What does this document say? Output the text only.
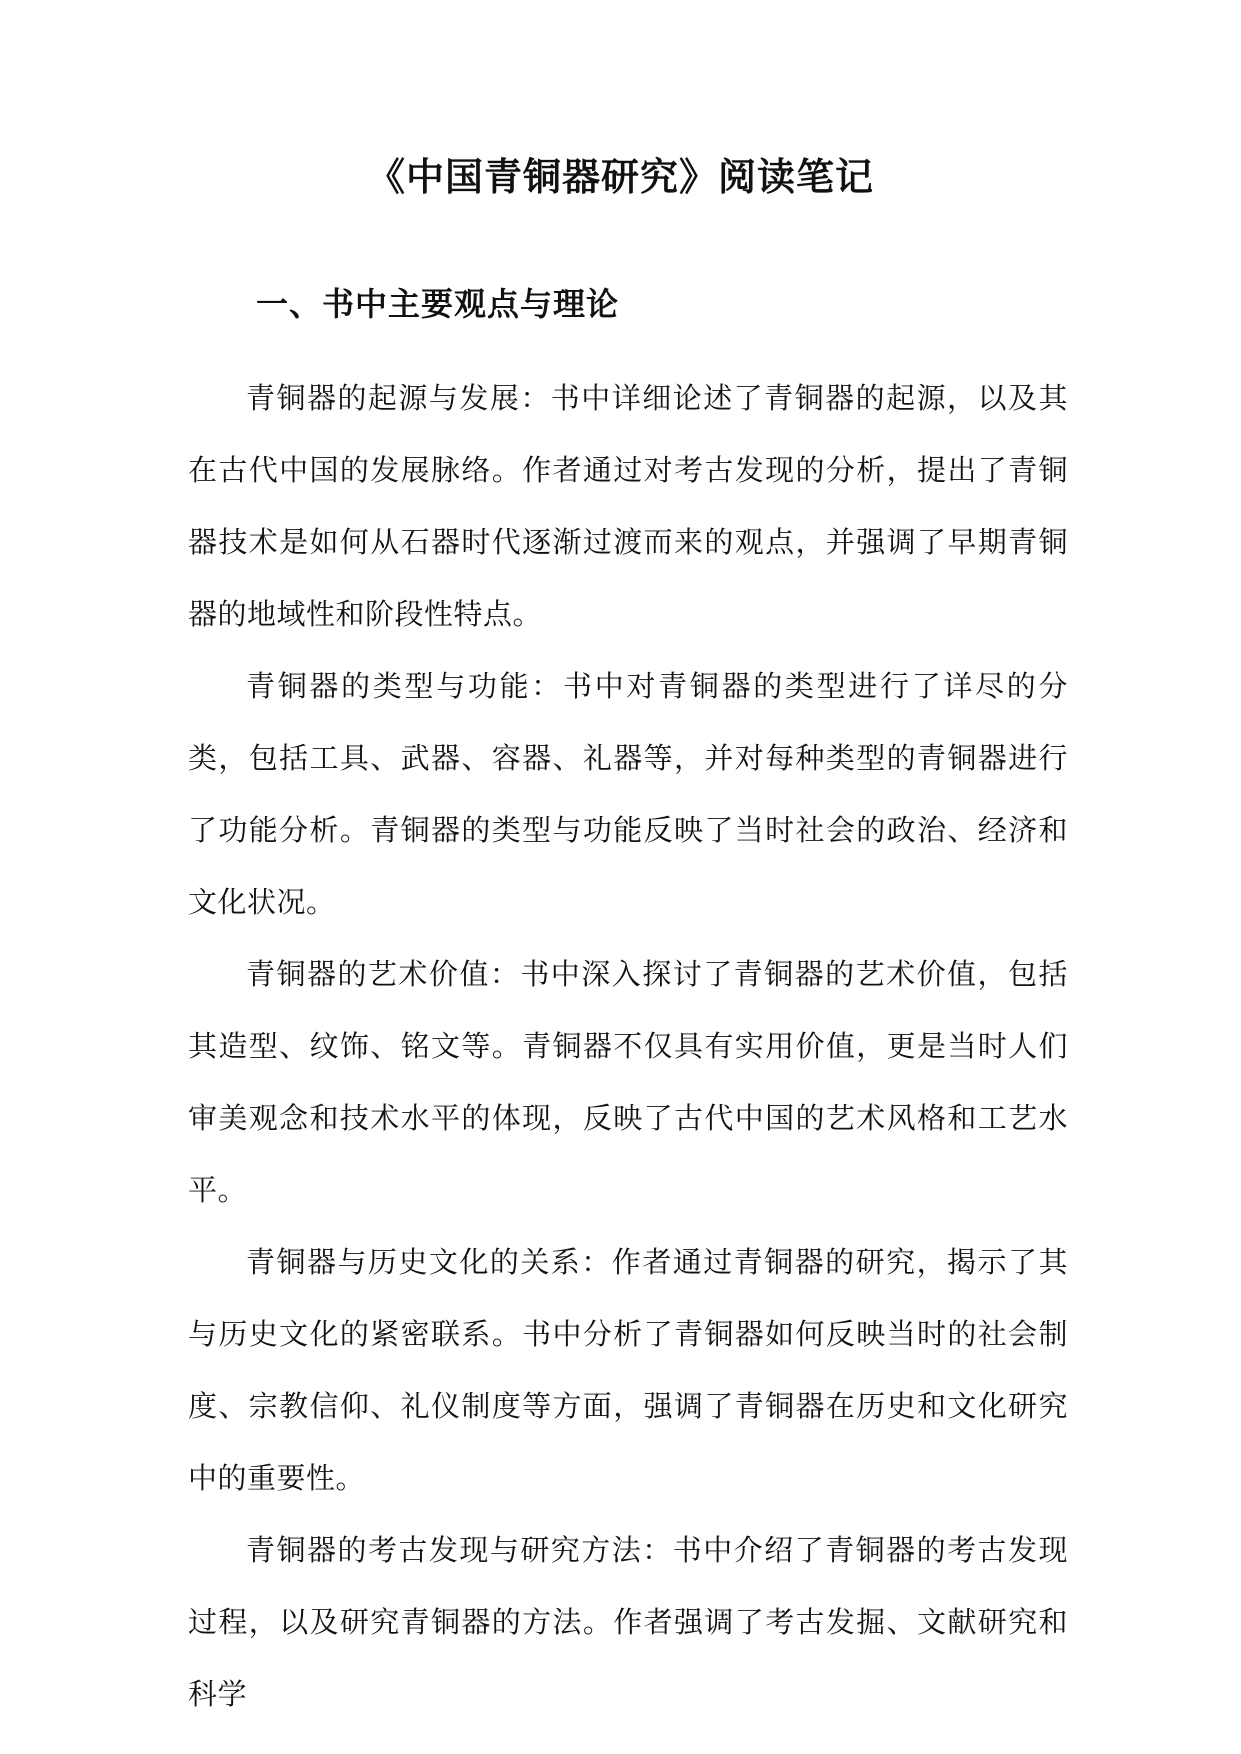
《中国青铜器研究》阅读笔记
一、书中主要观点与理论

青铜器的起源与发展：书中详细论述了青铜器的起源，以及其在古代中国的发展脉络。作者通过对考古发现的分析，提出了青铜器技术是如何从石器时代逐渐过渡而来的观点，并强调了早期青铜器的地域性和阶段性特点。

青铜器的类型与功能：书中对青铜器的类型进行了详尽的分类，包括工具、武器、容器、礼器等，并对每种类型的青铜器进行了功能分析。青铜器的类型与功能反映了当时社会的政治、经济和文化状况。

青铜器的艺术价值：书中深入探讨了青铜器的艺术价值，包括其造型、纹饰、铭文等。青铜器不仅具有实用价值，更是当时人们审美观念和技术水平的体现，反映了古代中国的艺术风格和工艺水平。

青铜器与历史文化的关系：作者通过青铜器的研究，揭示了其与历史文化的紧密联系。书中分析了青铜器如何反映当时的社会制度、宗教信仰、礼仪制度等方面，强调了青铜器在历史和文化研究中的重要性。

青铜器的考古发现与研究方法：书中介绍了青铜器的考古发现过程，以及研究青铜器的方法。作者强调了考古发掘、文献研究和科学
